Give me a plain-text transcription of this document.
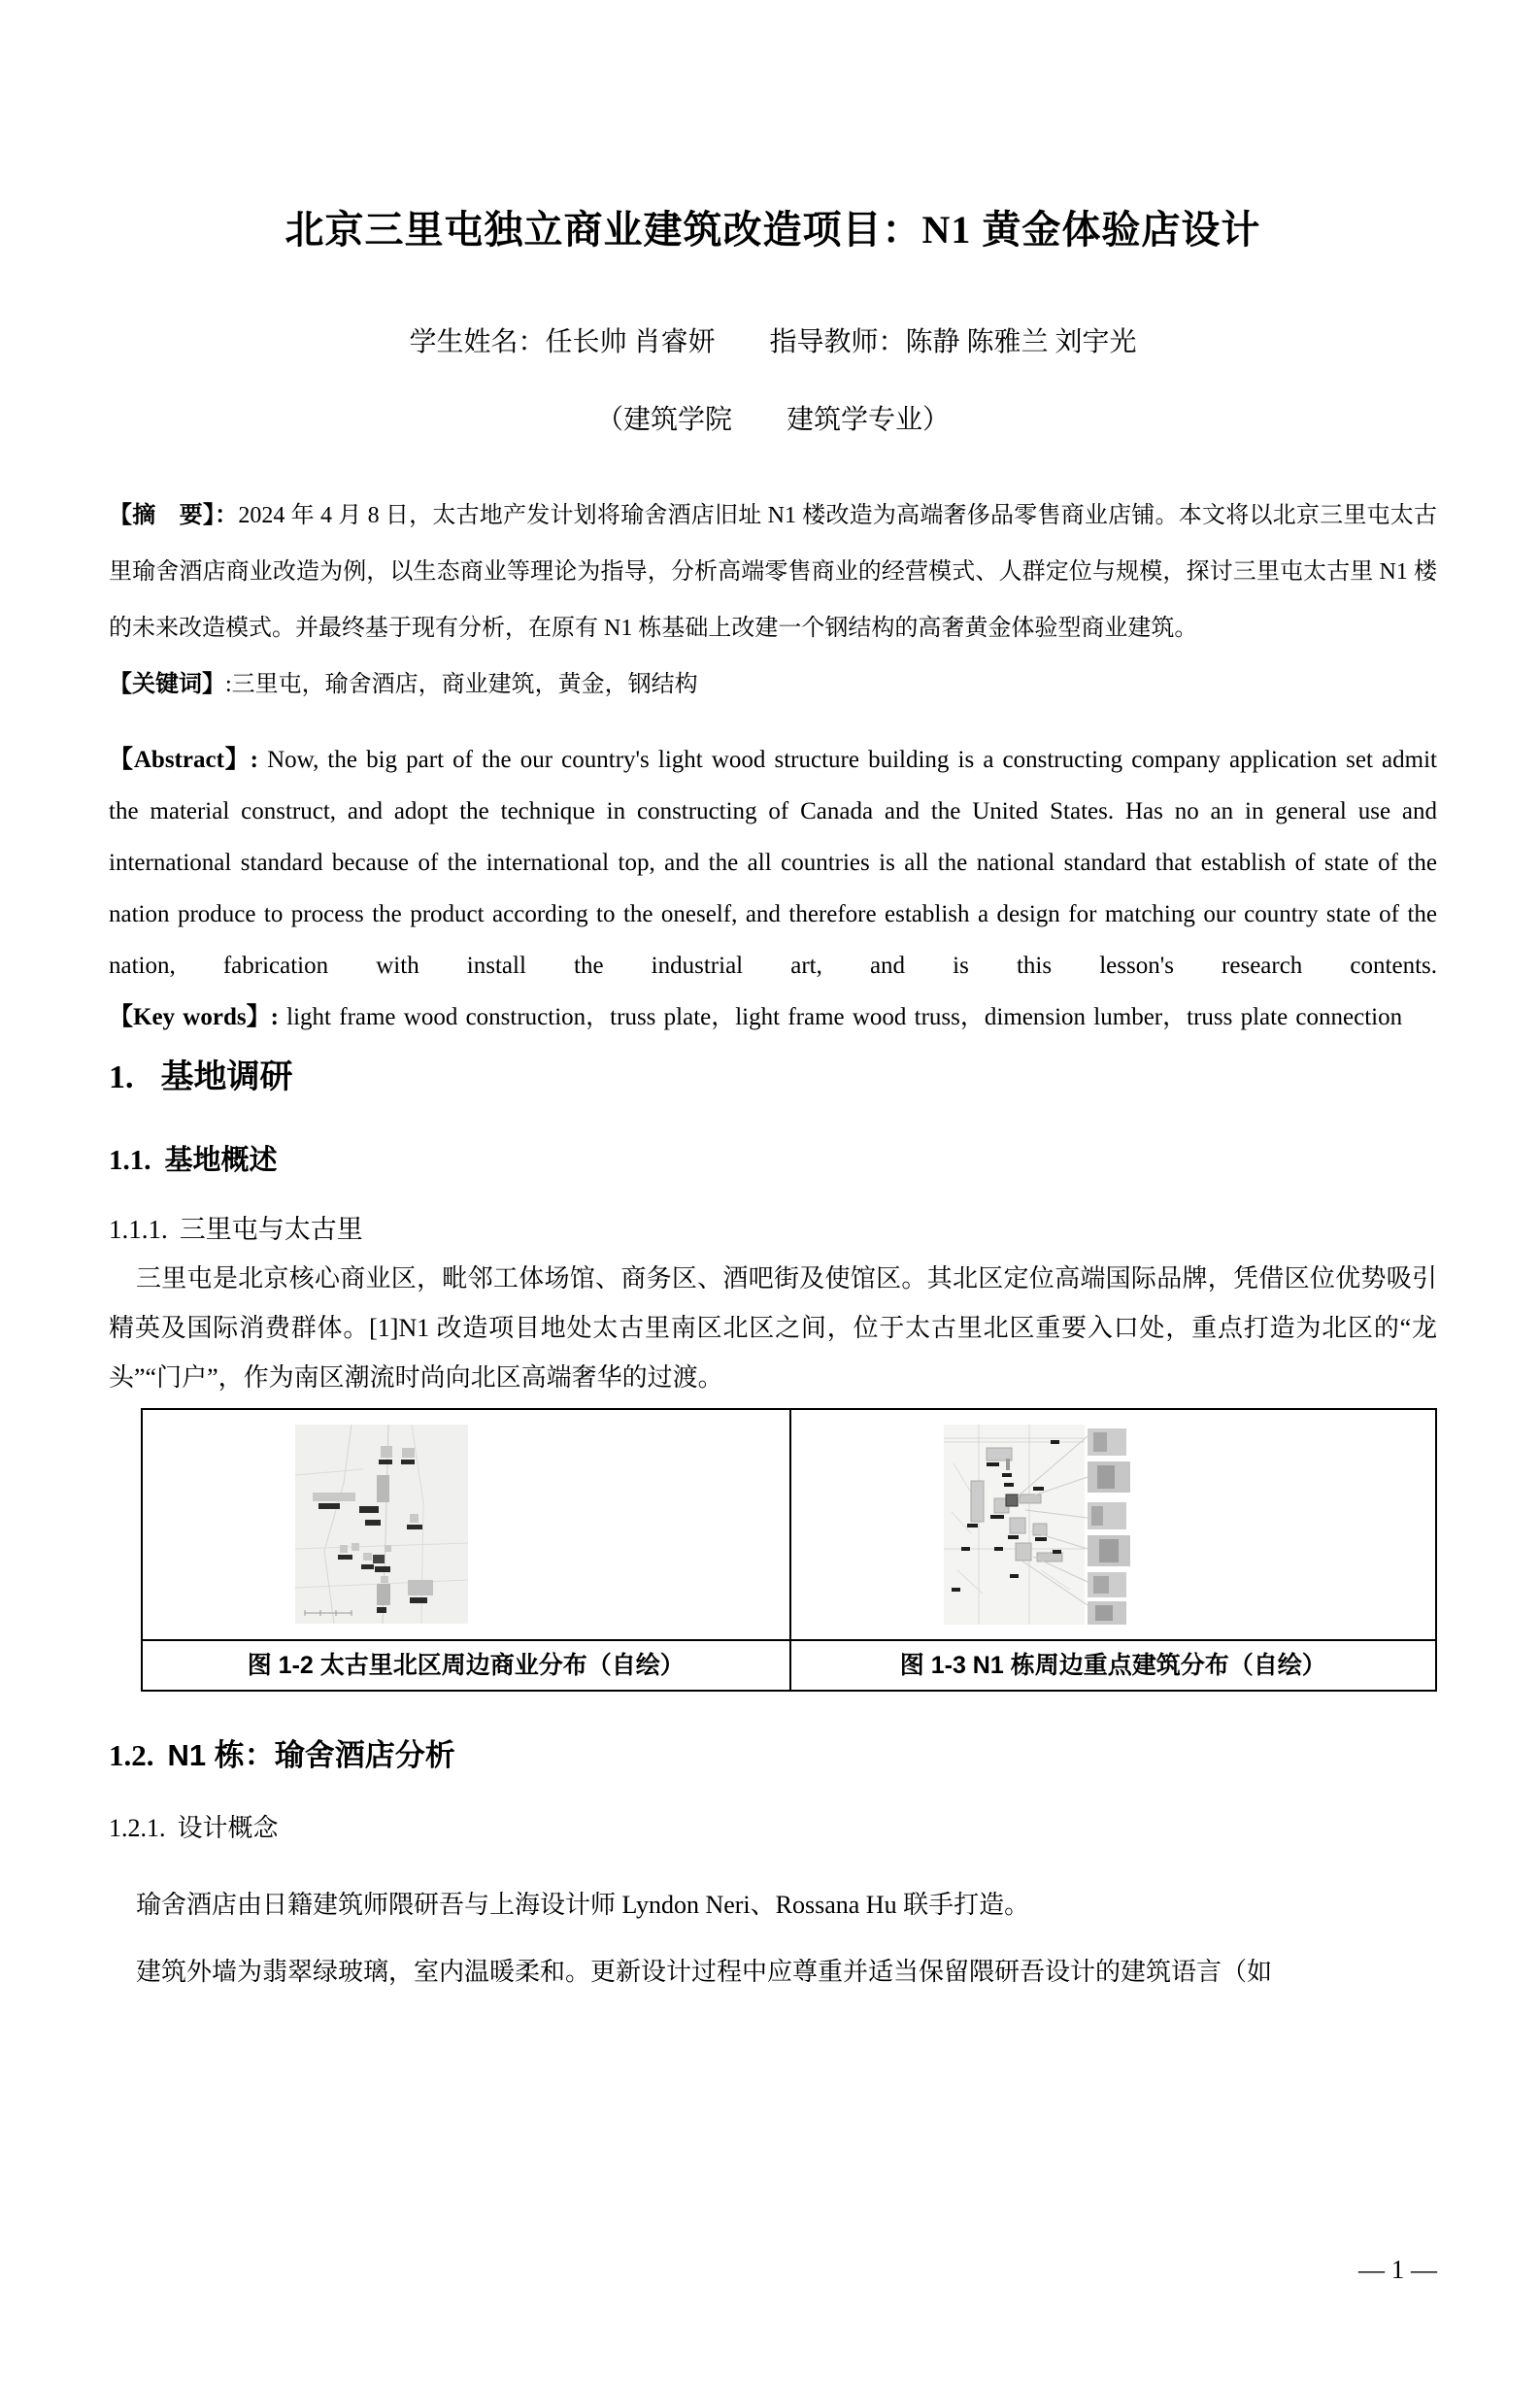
北京三里屯独立商业建筑改造项目：N1 黄金体验店设计

学生姓名：任长帅 肖睿妍　　指导教师：陈静 陈雅兰 刘宇光

（建筑学院　　建筑学专业）

【摘　要】：2024 年 4 月 8 日，太古地产发计划将瑜舍酒店旧址 N1 楼改造为高端奢侈品零售商业店铺。本文将以北京三里屯太古里瑜舍酒店商业改造为例，以生态商业等理论为指导，分析高端零售商业的经营模式、人群定位与规模，探讨三里屯太古里 N1 楼的未来改造模式。并最终基于现有分析，在原有 N1 栋基础上改建一个钢结构的高奢黄金体验型商业建筑。

【关键词】:三里屯，瑜舍酒店，商业建筑，黄金，钢结构

【Abstract】: Now, the big part of the our country's light wood structure building is a constructing company application set admit the material construct, and adopt the technique in constructing of Canada and the United States. Has no an in general use and international standard because of the international top, and the all countries is all the national standard that establish of state of the nation produce to process the product according to the oneself, and therefore establish a design for matching our country state of the nation, fabrication with install the industrial art, and is this lesson's research contents.

【Key words】: light frame wood construction，truss plate，light frame wood truss，dimension lumber，truss plate connection

1. 基地调研
1.1. 基地概述
1.1.1. 三里屯与太古里

三里屯是北京核心商业区，毗邻工体场馆、商务区、酒吧街及使馆区。其北区定位高端国际品牌，凭借区位优势吸引精英及国际消费群体。[1]N1 改造项目地处太古里南区北区之间，位于太古里北区重要入口处，重点打造为北区的“龙头”“门户”，作为南区潮流时尚向北区高端奢华的过渡。

图 1-2 太古里北区周边商业分布（自绘）	图 1-3 N1 栋周边重点建筑分布（自绘）
1.2. N1 栋：瑜舍酒店分析
1.2.1. 设计概念

瑜舍酒店由日籍建筑师隈研吾与上海设计师 Lyndon Neri、Rossana Hu 联手打造。

建筑外墙为翡翠绿玻璃，室内温暖柔和。更新设计过程中应尊重并适当保留隈研吾设计的建筑语言（如

— 1 —
